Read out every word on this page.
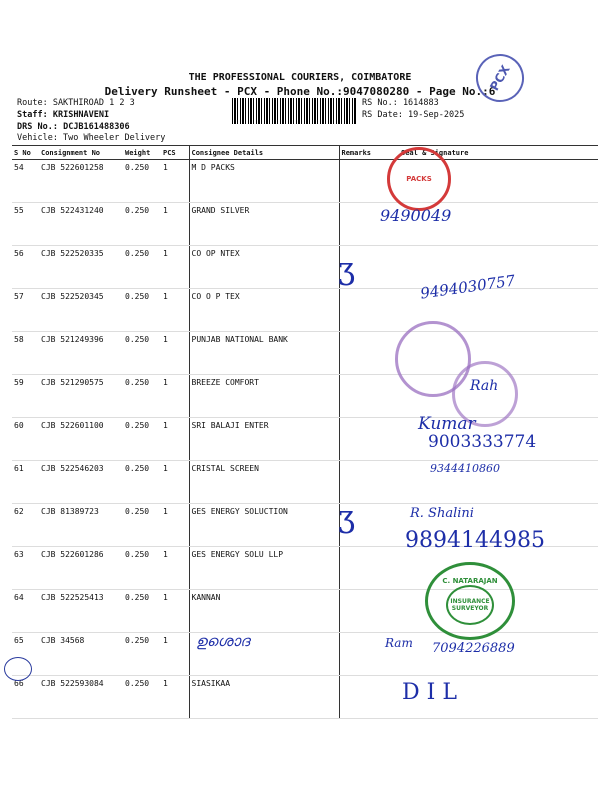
THE PROFESSIONAL COURIERS, COIMBATORE
Delivery Runsheet - PCX - Phone No.:9047080280 - Page No.:6
PCX
Route: SAKTHIROAD 1 2 3
Staff: KRISHNAVENI
DRS No.: DCJB161488306
Vehicle: Two Wheeler Delivery
RS No.: 1614883
RS Date: 19-Sep-2025
S No	Consignment No	Weight	PCS	Consignee Details	Remarks	Seal & Signature
54	CJB 522601258	0.250	1	M D PACKS		
55	CJB 522431240	0.250	1	GRAND SILVER		
56	CJB 522520335	0.250	1	CO OP NTEX		
57	CJB 522520345	0.250	1	CO O P TEX		
58	CJB 521249396	0.250	1	PUNJAB NATIONAL BANK		
59	CJB 521290575	0.250	1	BREEZE COMFORT		
60	CJB 522601100	0.250	1	SRI BALAJI ENTER		
61	CJB 522546203	0.250	1	CRISTAL SCREEN		
62	CJB 81389723	0.250	1	GES ENERGY SOLUCTION		
63	CJB 522601286	0.250	1	GES ENERGY SOLU LLP		
64	CJB 522525413	0.250	1	KANNAN		
65	CJB 34568	0.250	1			
66	CJB 522593084	0.250	1	SIASIKAA		
PACKS
C. NATARAJAN
INSURANCE SURVEYOR
9490049
ʒ	9494030757
Rah
Kumar
9003333774
9344410860
ʒ	R. Shalini
9894144985
ഉശൊദ	Ram 7094226889
D I L
